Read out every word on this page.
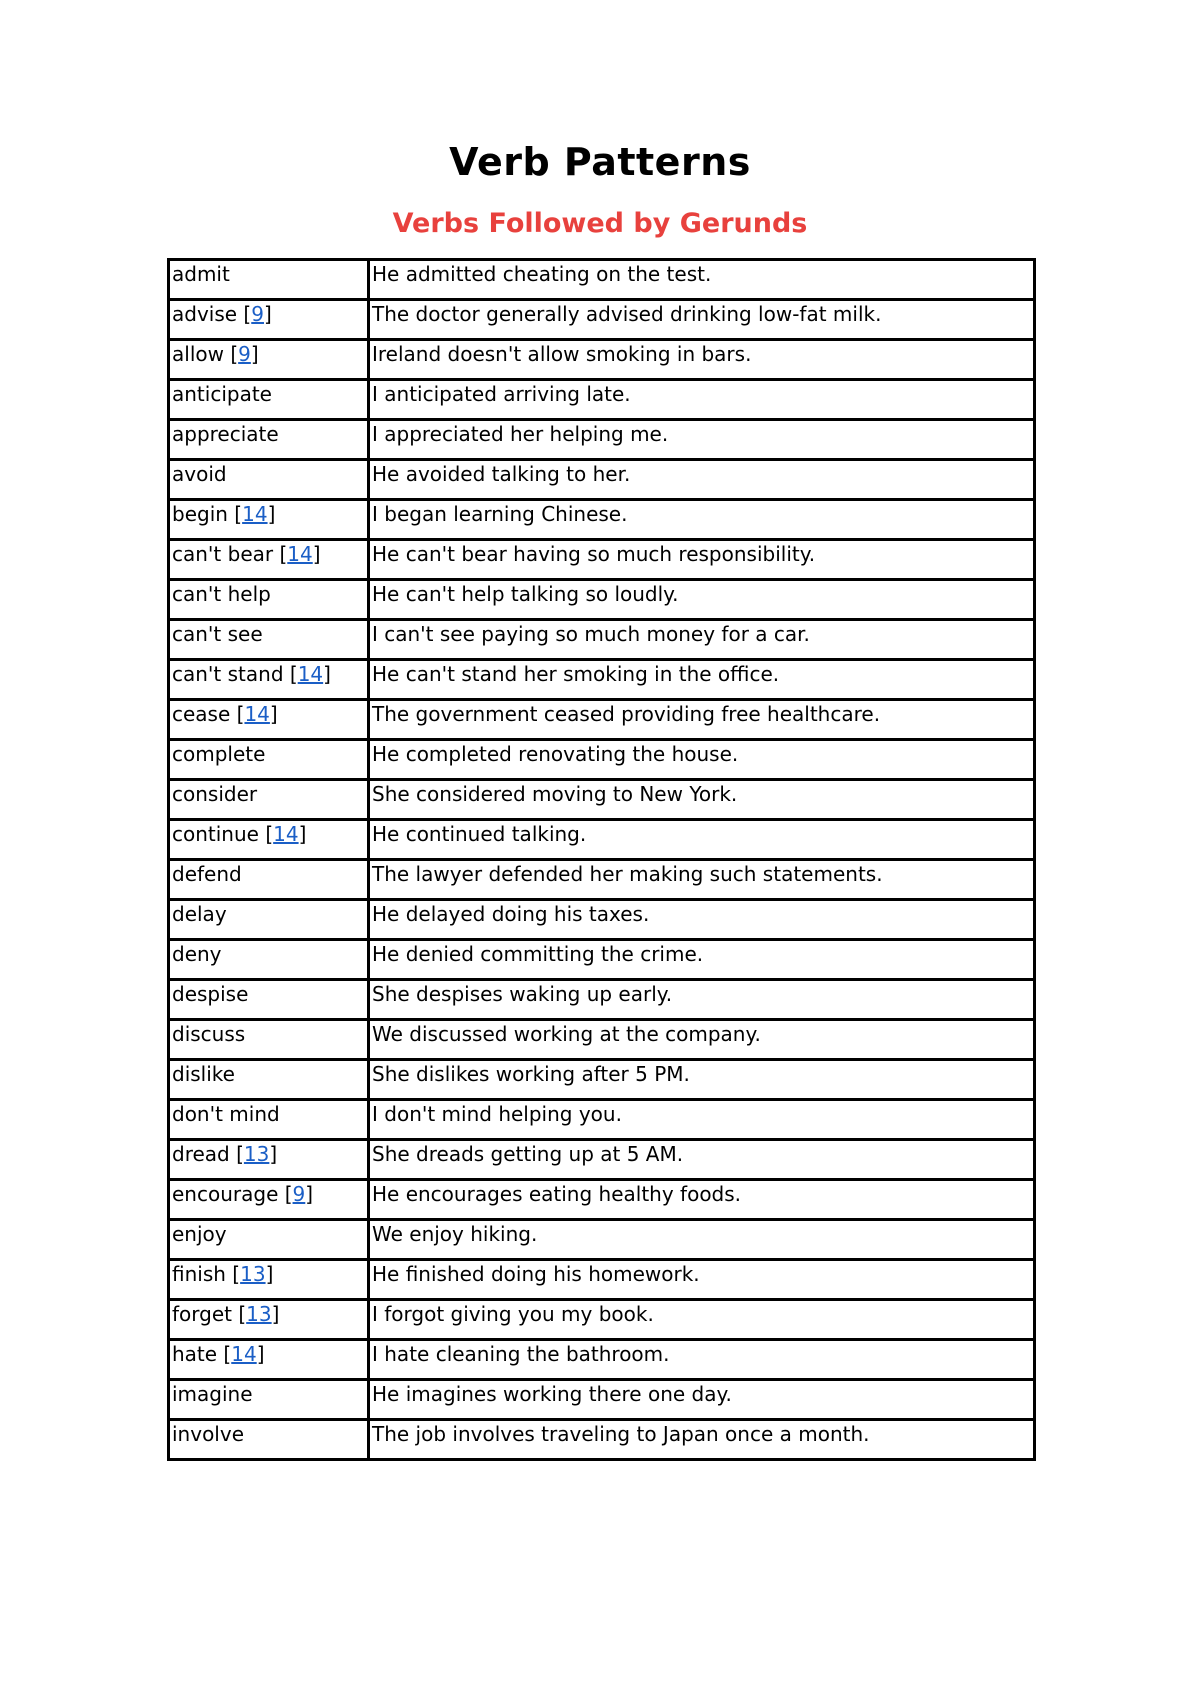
Verb Patterns
Verbs Followed by Gerunds
admit	He admitted cheating on the test.
advise [9]	The doctor generally advised drinking low-fat milk.
allow [9]	Ireland doesn't allow smoking in bars.
anticipate	I anticipated arriving late.
appreciate	I appreciated her helping me.
avoid	He avoided talking to her.
begin [14]	I began learning Chinese.
can't bear [14]	He can't bear having so much responsibility.
can't help	He can't help talking so loudly.
can't see	I can't see paying so much money for a car.
can't stand [14]	He can't stand her smoking in the office.
cease [14]	The government ceased providing free healthcare.
complete	He completed renovating the house.
consider	She considered moving to New York.
continue [14]	He continued talking.
defend	The lawyer defended her making such statements.
delay	He delayed doing his taxes.
deny	He denied committing the crime.
despise	She despises waking up early.
discuss	We discussed working at the company.
dislike	She dislikes working after 5 PM.
don't mind	I don't mind helping you.
dread [13]	She dreads getting up at 5 AM.
encourage [9]	He encourages eating healthy foods.
enjoy	We enjoy hiking.
finish [13]	He finished doing his homework.
forget [13]	I forgot giving you my book.
hate [14]	I hate cleaning the bathroom.
imagine	He imagines working there one day.
involve	The job involves traveling to Japan once a month.
